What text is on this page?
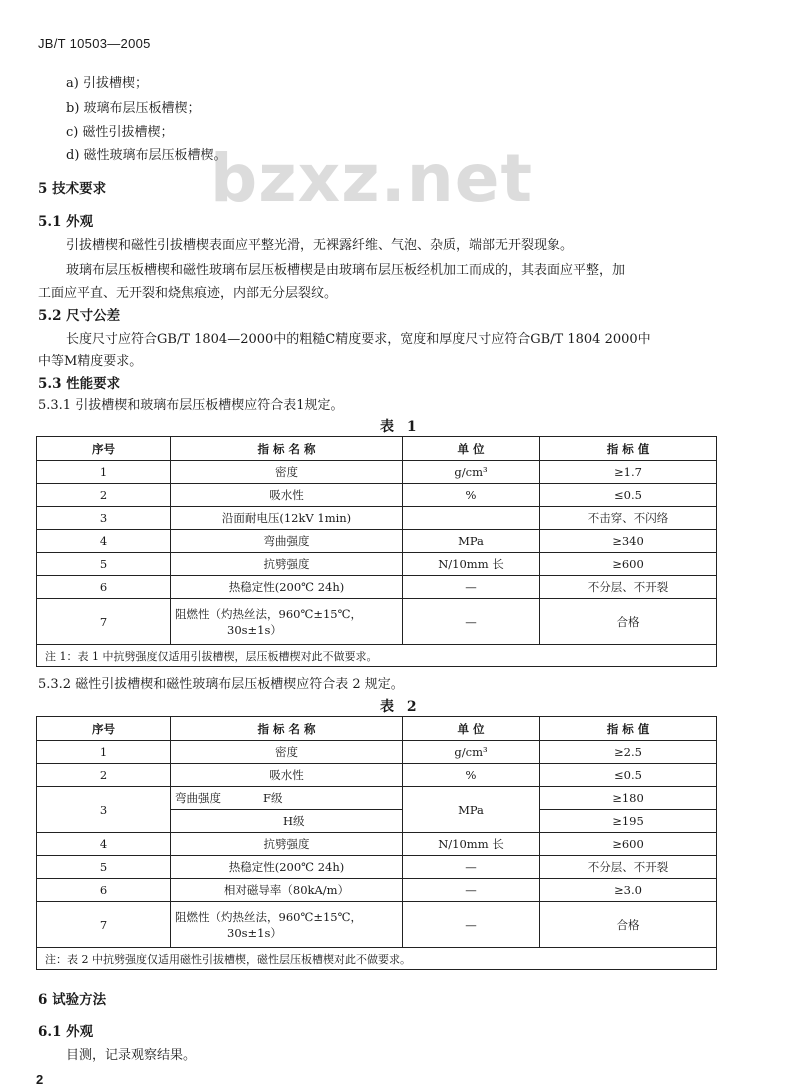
JB/T 10503—2005
bzxz.net
a) 引拔槽楔；
b) 玻璃布层压板槽楔；
c) 磁性引拔槽楔；
d) 磁性玻璃布层压板槽楔。
5 技术要求
5.1 外观
引拔槽楔和磁性引拔槽楔表面应平整光滑，无裸露纤维、气泡、杂质，端部无开裂现象。
玻璃布层压板槽楔和磁性玻璃布层压板槽楔是由玻璃布层压板经机加工而成的，其表面应平整，加
工面应平直、无开裂和烧焦痕迹，内部无分层裂纹。
5.2 尺寸公差
长度尺寸应符合GB/T 1804—2000中的粗糙C精度要求，宽度和厚度尺寸应符合GB/T 1804 2000中
中等M精度要求。
5.3 性能要求
5.3.1 引拔槽楔和玻璃布层压板槽楔应符合表1规定。
表 1
序号	指 标 名 称	单 位	指 标 值
1	密度	g/cm³	≥1.7
2	吸水性	%	≤0.5
3	沿面耐电压(12kV 1min)		不击穿、不闪络
4	弯曲强度	MPa	≥340
5	抗劈强度	N/10mm 长	≥600
6	热稳定性(200℃ 24h)	—	不分层、不开裂
7	阻燃性（灼热丝法，960℃±15℃，
30s±1s）	—	合格
注 1：表 1 中抗劈强度仅适用引拔槽楔，层压板槽楔对此不做要求。			
5.3.2 磁性引拔槽楔和磁性玻璃布层压板槽楔应符合表 2 规定。
表 2
序号	指 标 名 称	单 位	指 标 值
1	密度	g/cm³	≥2.5
2	吸水性	%	≤0.5
3	弯曲强度 F级	MPa	≥180
	H级		≥195
4	抗劈强度	N/10mm 长	≥600
5	热稳定性(200℃ 24h)	—	不分层、不开裂
6	相对磁导率（80kA/m）	—	≥3.0
7	阻燃性（灼热丝法，960℃±15℃，
30s±1s）	—	合格
注：表 2 中抗劈强度仅适用磁性引拔槽楔，磁性层压板槽楔对此不做要求。			
6 试验方法
6.1 外观
目测，记录观察结果。
2
